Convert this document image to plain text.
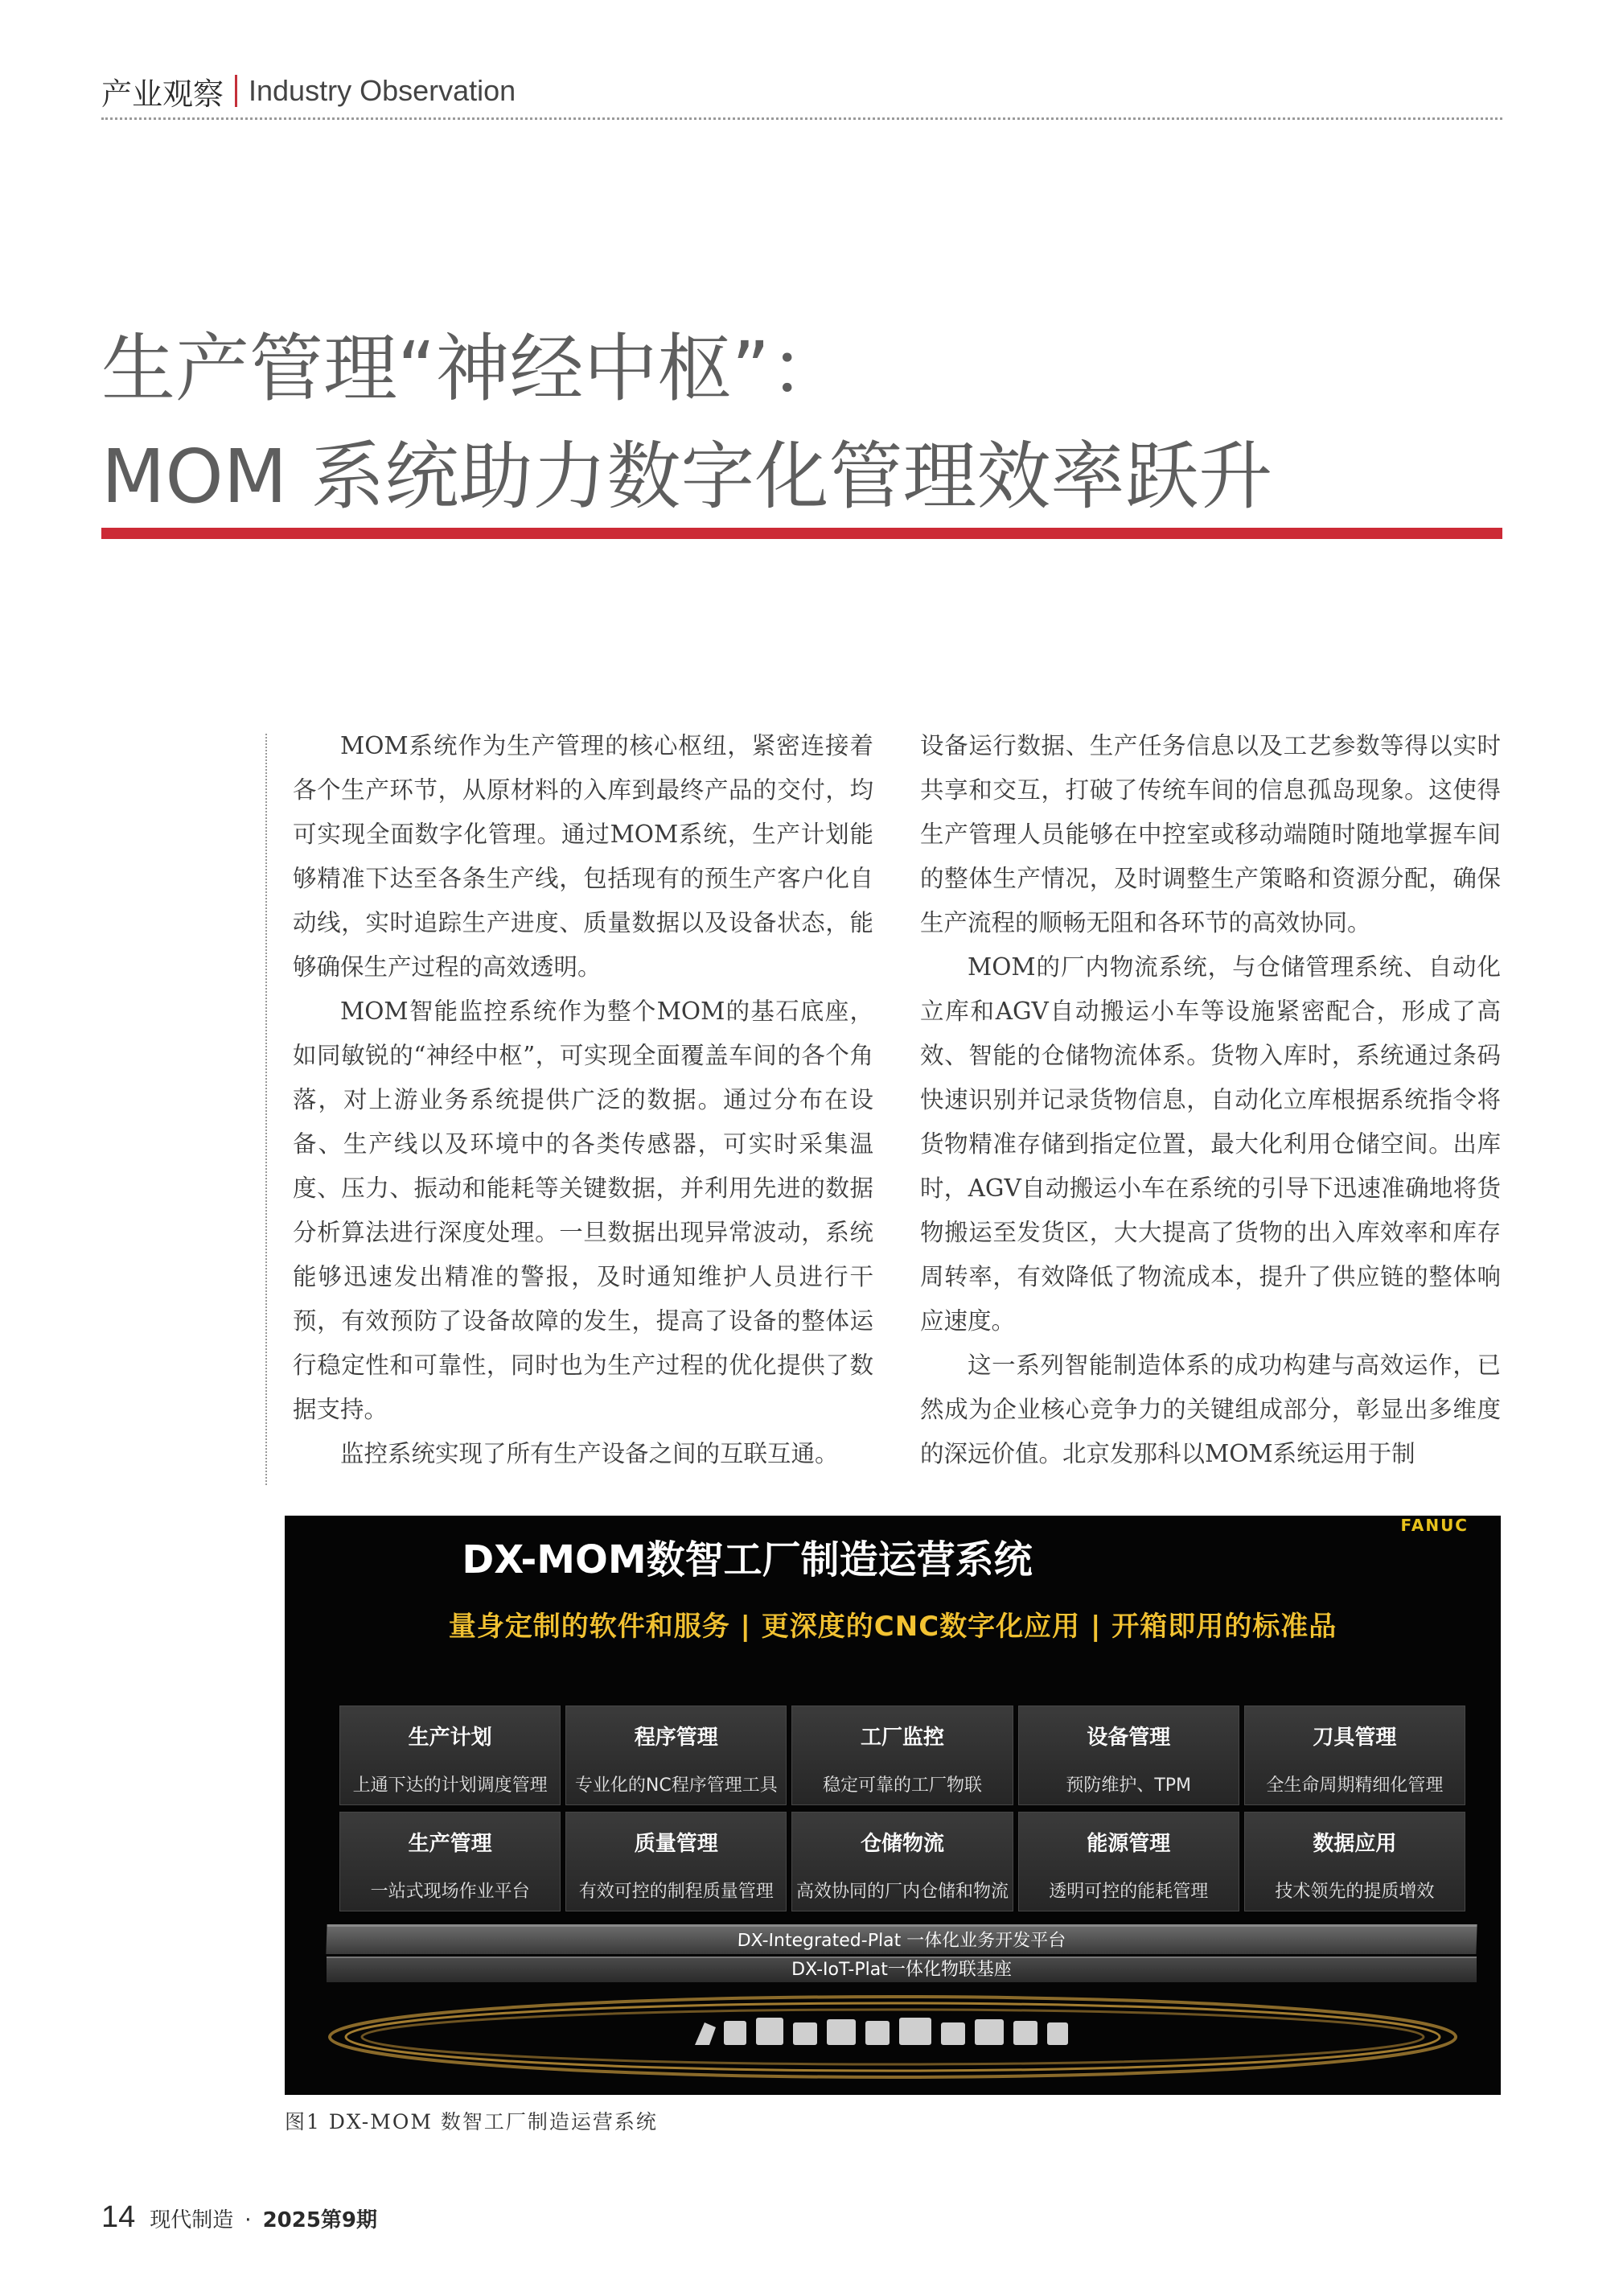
产业观察 Industry Observation
生产管理“神经中枢”：
MOM 系统助力数字化管理效率跃升

MOM系统作为生产管理的核心枢纽，紧密连接着各个生产环节，从原材料的入库到最终产品的交付，均可实现全面数字化管理。通过MOM系统，生产计划能够精准下达至各条生产线，包括现有的预生产客户化自动线，实时追踪生产进度、质量数据以及设备状态，能够确保生产过程的高效透明。

MOM智能监控系统作为整个MOM的基石底座，如同敏锐的“神经中枢”，可实现全面覆盖车间的各个角落，对上游业务系统提供广泛的数据。通过分布在设备、生产线以及环境中的各类传感器，可实时采集温度、压力、振动和能耗等关键数据，并利用先进的数据分析算法进行深度处理。一旦数据出现异常波动，系统能够迅速发出精准的警报，及时通知维护人员进行干预，有效预防了设备故障的发生，提高了设备的整体运行稳定性和可靠性，同时也为生产过程的优化提供了数据支持。

监控系统实现了所有生产设备之间的互联互通。

设备运行数据、生产任务信息以及工艺参数等得以实时共享和交互，打破了传统车间的信息孤岛现象。这使得生产管理人员能够在中控室或移动端随时随地掌握车间的整体生产情况，及时调整生产策略和资源分配，确保生产流程的顺畅无阻和各环节的高效协同。

MOM的厂内物流系统，与仓储管理系统、自动化立库和AGV自动搬运小车等设施紧密配合，形成了高效、智能的仓储物流体系。货物入库时，系统通过条码快速识别并记录货物信息，自动化立库根据系统指令将货物精准存储到指定位置，最大化利用仓储空间。出库时，AGV自动搬运小车在系统的引导下迅速准确地将货物搬运至发货区，大大提高了货物的出入库效率和库存周转率，有效降低了物流成本，提升了供应链的整体响应速度。

这一系列智能制造体系的成功构建与高效运作，已然成为企业核心竞争力的关键组成部分，彰显出多维度的深远价值。北京发那科以MOM系统运用于制

FANUC
DX-MOM数智工厂制造运营系统
量身定制的软件和服务 | 更深度的CNC数字化应用 | 开箱即用的标准品
生产计划
上通下达的计划调度管理
程序管理
专业化的NC程序管理工具
工厂监控
稳定可靠的工厂物联
设备管理
预防维护、TPM
刀具管理
全生命周期精细化管理
生产管理
一站式现场作业平台
质量管理
有效可控的制程质量管理
仓储物流
高效协同的厂内仓储和物流
能源管理
透明可控的能耗管理
数据应用
技术领先的提质增效
DX-Integrated-Plat 一体化业务开发平台
DX-IoT-Plat一体化物联基座
图1 DX-MOM 数智工厂制造运营系统
14 现代制造 · 2025第9期
